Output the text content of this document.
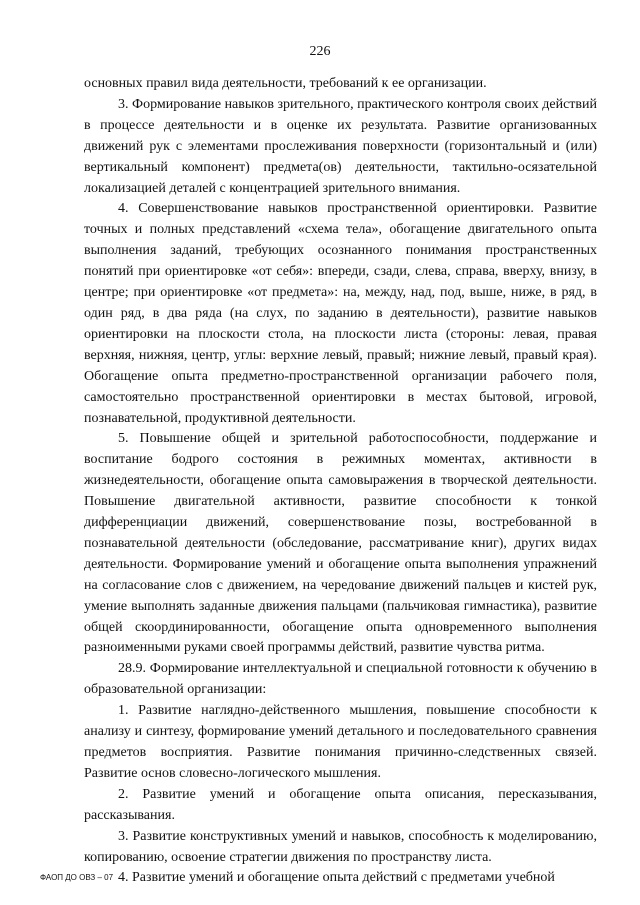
226

основных правил вида деятельности, требований к ее организации.

3. Формирование навыков зрительного, практического контроля своих действий в процессе деятельности и в оценке их результата. Развитие организованных движений рук с элементами прослеживания поверхности (горизонтальный и (или) вертикальный компонент) предмета(ов) деятельности, тактильно-осязательной локализацией деталей с концентрацией зрительного внимания.

4. Совершенствование навыков пространственной ориентировки. Развитие точных и полных представлений «схема тела», обогащение двигательного опыта выполнения заданий, требующих осознанного понимания пространственных понятий при ориентировке «от себя»: впереди, сзади, слева, справа, вверху, внизу, в центре; при ориентировке «от предмета»: на, между, над, под, выше, ниже, в ряд, в один ряд, в два ряда (на слух, по заданию в деятельности), развитие навыков ориентировки на плоскости стола, на плоскости листа (стороны: левая, правая верхняя, нижняя, центр, углы: верхние левый, правый; нижние левый, правый края). Обогащение опыта предметно-пространственной организации рабочего поля, самостоятельно пространственной ориентировки в местах бытовой, игровой, познавательной, продуктивной деятельности.

5. Повышение общей и зрительной работоспособности, поддержание и воспитание бодрого состояния в режимных моментах, активности в жизнедеятельности, обогащение опыта самовыражения в творческой деятельности. Повышение двигательной активности, развитие способности к тонкой дифференциации движений, совершенствование позы, востребованной в познавательной деятельности (обследование, рассматривание книг), других видах деятельности. Формирование умений и обогащение опыта выполнения упражнений на согласование слов с движением, на чередование движений пальцев и кистей рук, умение выполнять заданные движения пальцами (пальчиковая гимнастика), развитие общей скоординированности, обогащение опыта одновременного выполнения разноименными руками своей программы действий, развитие чувства ритма.

28.9. Формирование интеллектуальной и специальной готовности к обучению в образовательной организации:

1. Развитие наглядно-действенного мышления, повышение способности к анализу и синтезу, формирование умений детального и последовательного сравнения предметов восприятия. Развитие понимания причинно-следственных связей. Развитие основ словесно-логического мышления.

2. Развитие умений и обогащение опыта описания, пересказывания, рассказывания.

3. Развитие конструктивных умений и навыков, способность к моделированию, копированию, освоение стратегии движения по пространству листа.

4. Развитие умений и обогащение опыта действий с предметами учебной

ФАОП ДО ОВЗ – 07
